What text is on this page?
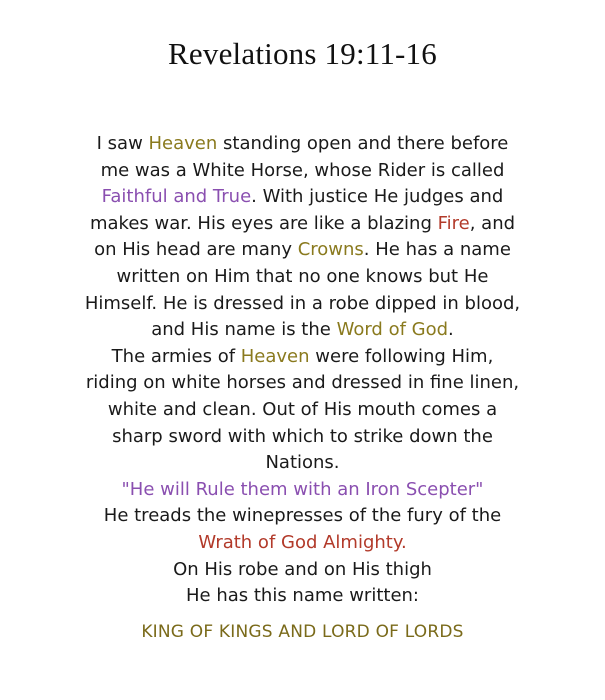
Revelations 19:11-16
I saw Heaven standing open and there before
me was a White Horse, whose Rider is called
Faithful and True. With justice He judges and
makes war. His eyes are like a blazing Fire, and
on His head are many Crowns. He has a name
written on Him that no one knows but He
Himself. He is dressed in a robe dipped in blood,
and His name is the Word of God.
The armies of Heaven were following Him,
riding on white horses and dressed in fine linen,
white and clean. Out of His mouth comes a
sharp sword with which to strike down the
Nations.
"He will Rule them with an Iron Scepter"
He treads the winepresses of the fury of the
Wrath of God Almighty.
On His robe and on His thigh
He has this name written:
KING OF KINGS AND LORD OF LORDS
